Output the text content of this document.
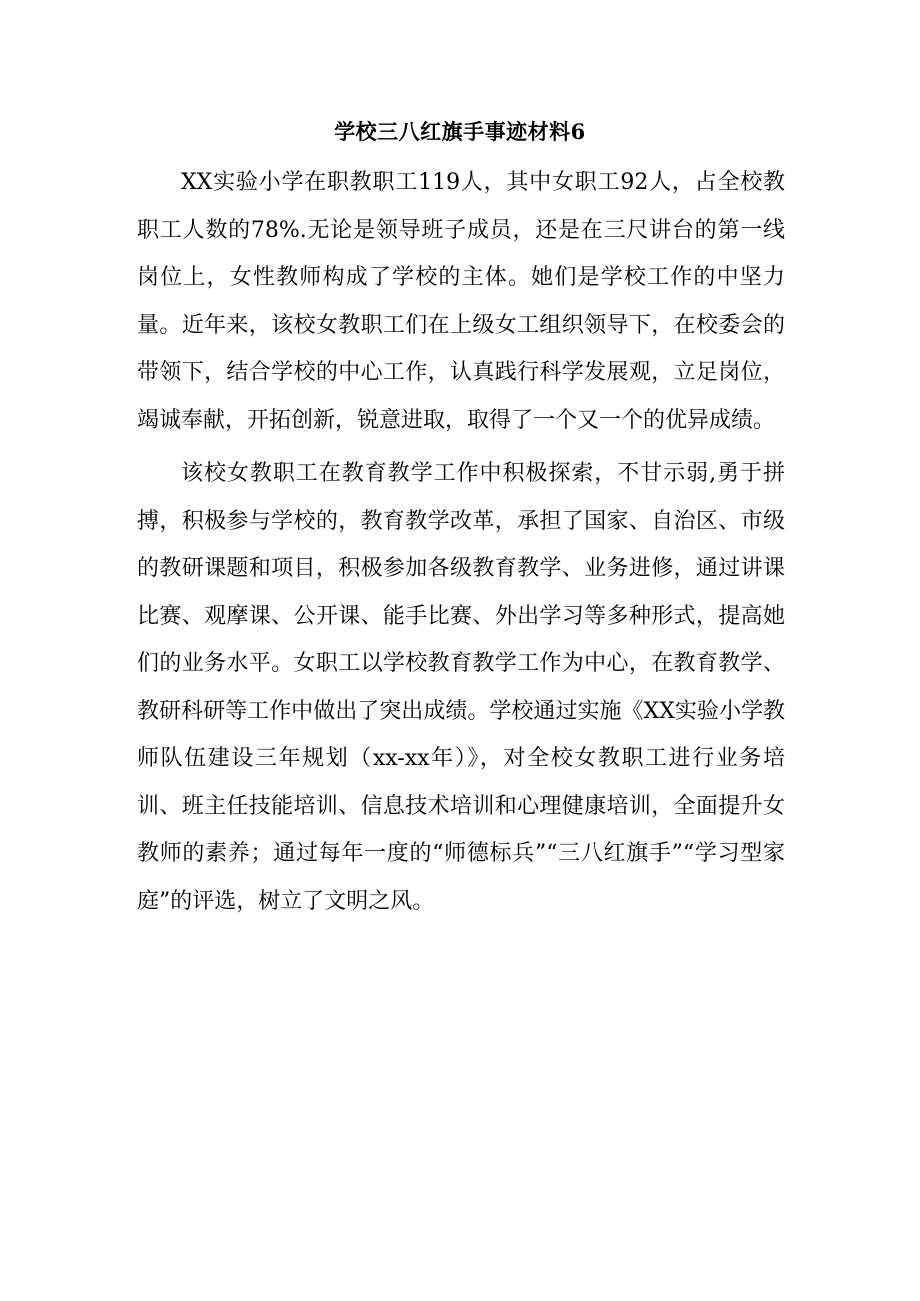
学校三八红旗手事迹材料6

XX实验小学在职教职工119人，其中女职工92人，占全校教职工人数的78%.无论是领导班子成员，还是在三尺讲台的第一线岗位上，女性教师构成了学校的主体。她们是学校工作的中坚力量。近年来，该校女教职工们在上级女工组织领导下，在校委会的带领下，结合学校的中心工作，认真践行科学发展观，立足岗位，竭诚奉献，开拓创新，锐意进取，取得了一个又一个的优异成绩。

该校女教职工在教育教学工作中积极探索，不甘示弱,勇于拼搏，积极参与学校的，教育教学改革，承担了国家、自治区、市级的教研课题和项目，积极参加各级教育教学、业务进修，通过讲课比赛、观摩课、公开课、能手比赛、外出学习等多种形式，提高她们的业务水平。女职工以学校教育教学工作为中心，在教育教学、教研科研等工作中做出了突出成绩。学校通过实施《XX实验小学教师队伍建设三年规划（xx-xx年）》，对全校女教职工进行业务培训、班主任技能培训、信息技术培训和心理健康培训，全面提升女教师的素养；通过每年一度的“师德标兵”“三八红旗手”“学习型家庭”的评选，树立了文明之风。
